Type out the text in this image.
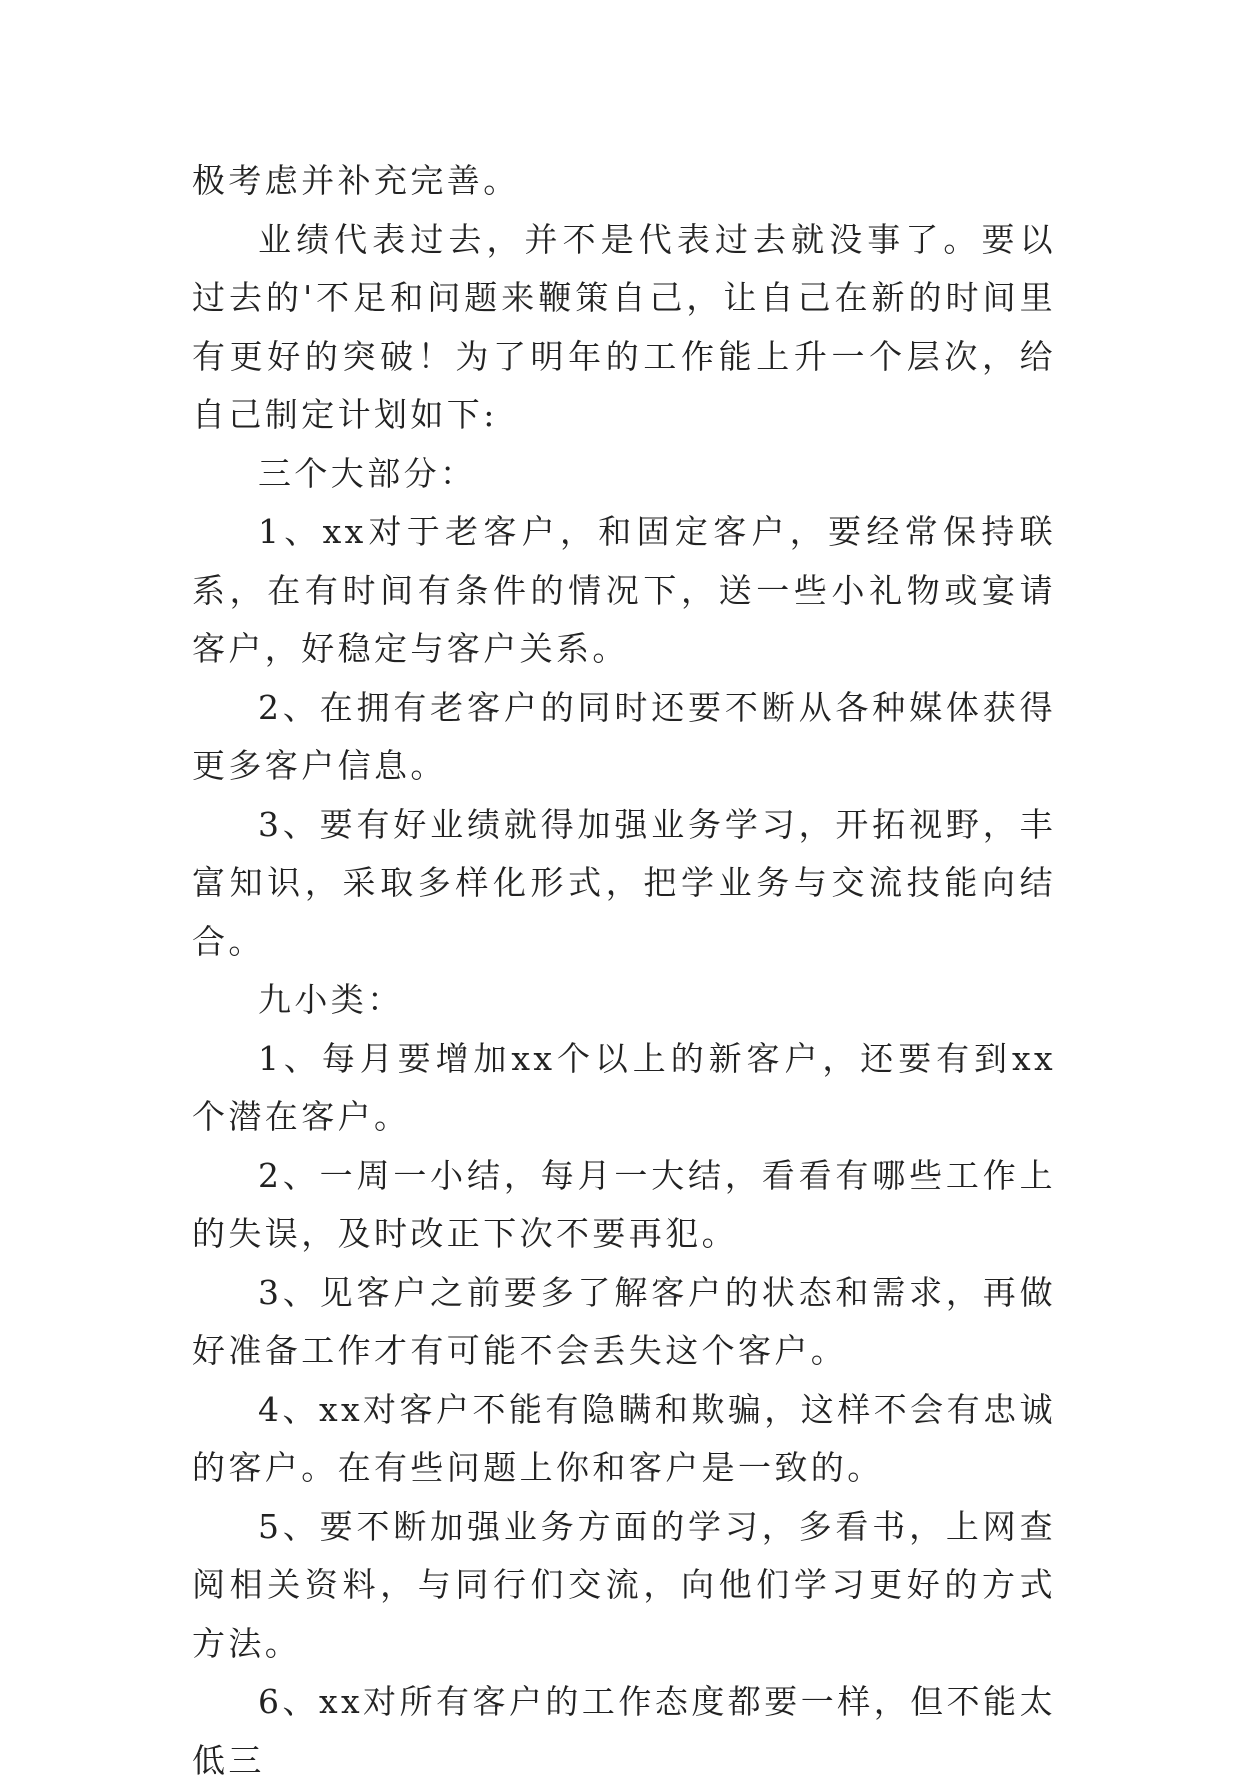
极考虑并补充完善。

业绩代表过去，并不是代表过去就没事了。要以过去的'不足和问题来鞭策自己，让自己在新的时间里有更好的突破！为了明年的工作能上升一个层次，给自己制定计划如下:

三个大部分：

1、xx对于老客户，和固定客户，要经常保持联系，在有时间有条件的情况下，送一些小礼物或宴请客户，好稳定与客户关系。

2、在拥有老客户的同时还要不断从各种媒体获得更多客户信息。

3、要有好业绩就得加强业务学习，开拓视野，丰富知识，采取多样化形式，把学业务与交流技能向结合。

九小类：

1、每月要增加xx个以上的新客户，还要有到xx个潜在客户。

2、一周一小结，每月一大结，看看有哪些工作上的失误，及时改正下次不要再犯。

3、见客户之前要多了解客户的状态和需求，再做好准备工作才有可能不会丢失这个客户。

4、xx对客户不能有隐瞒和欺骗，这样不会有忠诚的客户。在有些问题上你和客户是一致的。

5、要不断加强业务方面的学习，多看书，上网查阅相关资料，与同行们交流，向他们学习更好的方式方法。

6、xx对所有客户的工作态度都要一样，但不能太低三
